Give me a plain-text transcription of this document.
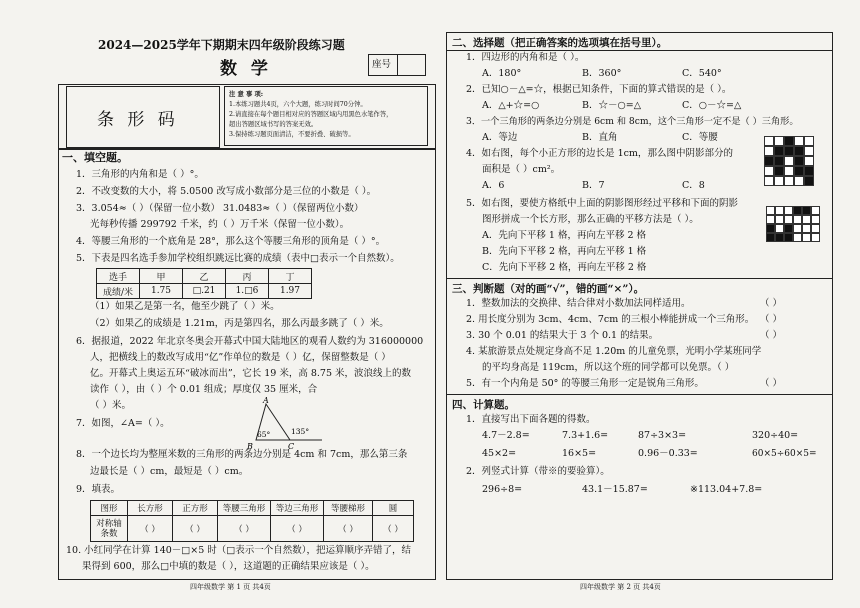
2024—2025学年下期期末四年级阶段练习题
数 学	座号
条 形 码
注 意 事 项:
1.本练习题共4页，六个大题，练习时间70分钟。
2.请直接在每个题目相对应的答题区域内用黑色水笔作答，
超出答题区域书写的答案无效。
3.保持练习题页面清洁，不要折叠、破损等。
一、填空题。
1．三角形的内角和是（ ）°。
2．不改变数的大小，将 5.0500 改写成小数部分是三位的小数是（ ）。
3．3.054≈（ ）（保留一位小数） 31.0483≈（ ）（保留两位小数）
光每秒传播 299792 千米，约（ ）万千米（保留一位小数）。
4．等腰三角形的一个底角是 28°，那么这个等腰三角形的顶角是（ ）°。
5．下表是四名选手参加学校组织跳远比赛的成绩（表中□表示一个自然数）。
选手	甲	乙	丙	丁
成绩/米	1.75	□.21	1.□6	1.97
（1）如果乙是第一名，他至少跳了（ ）米。
（2）如果乙的成绩是 1.21m，丙是第四名，那么丙最多跳了（ ）米。
6．据报道，2022 年北京冬奥会开幕式中国大陆地区的观看人数约为 316000000
人，把横线上的数改写成用“亿”作单位的数是（ ）亿，保留整数是（ ）
亿。开幕式上奥运五环“破冰而出”，它长 19 米，高 8.75 米，波浪线上的数
读作（ ），由（ ）个 0.01 组成；厚度仅 35 厘米，合
（ ）米。
7．如图，∠A=（ ）。
A
B	C
65°	135°
8．一个边长均为整厘米数的三角形的两条边分别是 4cm 和 7cm，那么第三条
边最长是（ ）cm，最短是（ ）cm。
9．填表。
图形	长方形	正方形	等腰三角形	等边三角形	等腰梯形	圆
对称轴
条数	（ ）	（ ）	（ ）	（ ）	（ ）	（ ）
10. 小红同学在计算 140－□×5 时（□表示一个自然数），把运算顺序弄错了，结
果得到 600，那么□中填的数是（ ），这道题的正确结果应该是（ ）。
四年级数学 第 1 页 共4页
二、选择题（把正确答案的选项填在括号里）。
1．四边形的内角和是（ ）。
A．180°	B．360°	C．540°
2．已知○－△=☆，根据已知条件，下面的算式错误的是（ ）。
A．△+☆=○	B．☆－○=△	C．○－☆=△
3．一个三角形的两条边分别是 6cm 和 8cm，这个三角形一定不是（ ）三角形。
A．等边	B．直角	C．等腰
4．如右图，每个小正方形的边长是 1cm，那么图中阴影部分的
面积是（ ）cm²。
A．6	B．7	C．8
5．如右图，要使方格纸中上面的阴影图形经过平移和下面的阴影
图形拼成一个长方形，那么正确的平移方法是（ ）。
A．先向下平移 1 格，再向左平移 2 格
B．先向下平移 2 格，再向左平移 1 格
C．先向下平移 2 格，再向左平移 2 格
三、判断题（对的画“√”，错的画“×”）。
1．整数加法的交换律、结合律对小数加法同样适用。	（ ）
2. 用长度分别为 3cm、4cm、7cm 的三根小棒能拼成一个三角形。 （ ）
3. 30 个 0.01 的结果大于 3 个 0.1 的结果。	（ ）
4. 某旅游景点处规定身高不足 1.20m 的儿童免票，光明小学某班同学
的平均身高是 119cm，所以这个班的同学都可以免票。（ ）
5．有一个内角是 50° 的等腰三角形一定是锐角三角形。	（ ）
四、计算题。
1．直接写出下面各题的得数。
4.7－2.8=	7.3+1.6=	87÷3×3=	320÷40=
45×2=	16×5=	0.96－0.33=	60×5÷60×5=
2．列竖式计算（带※的要验算）。
296÷8=	43.1－15.87=	※113.04+7.8=
四年级数学 第 2 页 共4页
